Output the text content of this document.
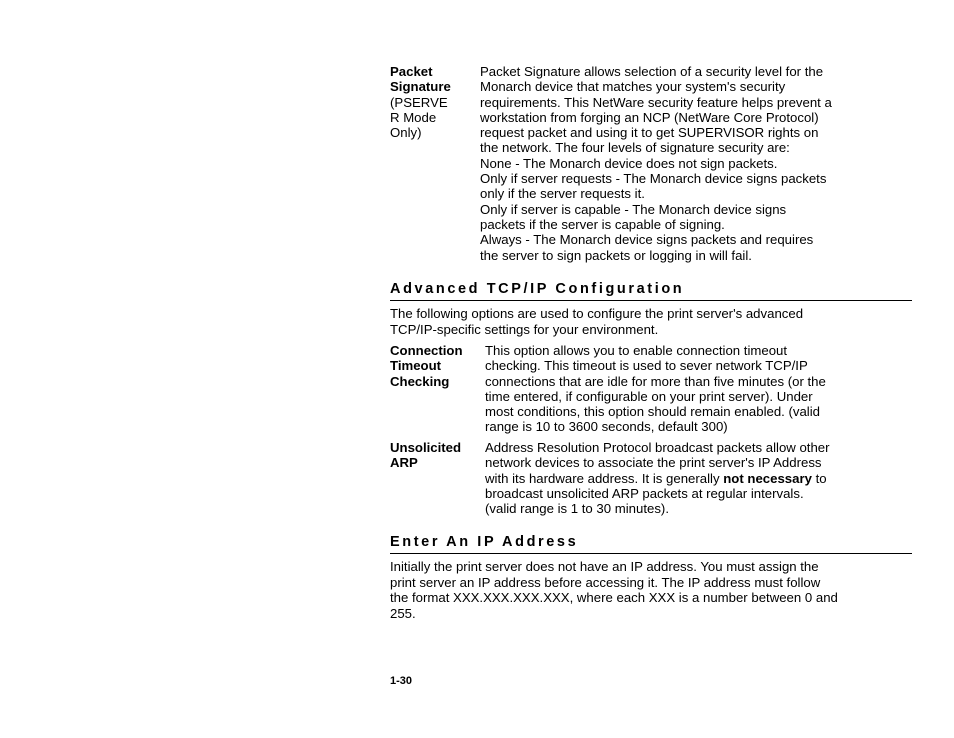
Packet
Signature
(PSERVE
R Mode
Only)
Packet Signature allows selection of a security level for the
Monarch device that matches your system's security
requirements. This NetWare security feature helps prevent a
workstation from forging an NCP (NetWare Core Protocol)
request packet and using it to get SUPERVISOR rights on
the network. The four levels of signature security are:
None - The Monarch device does not sign packets.
Only if server requests - The Monarch device signs packets
only if the server requests it.
Only if server is capable - The Monarch device signs
packets if the server is capable of signing.
Always - The Monarch device signs packets and requires
the server to sign packets or logging in will fail.
Advanced TCP/IP Configuration
The following options are used to configure the print server's advanced
TCP/IP-specific settings for your environment.
Connection
Timeout
Checking
This option allows you to enable connection timeout
checking. This timeout is used to sever network TCP/IP
connections that are idle for more than five minutes (or the
time entered, if configurable on your print server). Under
most conditions, this option should remain enabled. (valid
range is 10 to 3600 seconds, default 300)
Unsolicited
ARP
Address Resolution Protocol broadcast packets allow other
network devices to associate the print server's IP Address
with its hardware address. It is generally not necessary to
broadcast unsolicited ARP packets at regular intervals.
(valid range is 1 to 30 minutes).
Enter An IP Address
Initially the print server does not have an IP address. You must assign the
print server an IP address before accessing it. The IP address must follow
the format XXX.XXX.XXX.XXX, where each XXX is a number between 0 and
255.
1-30
